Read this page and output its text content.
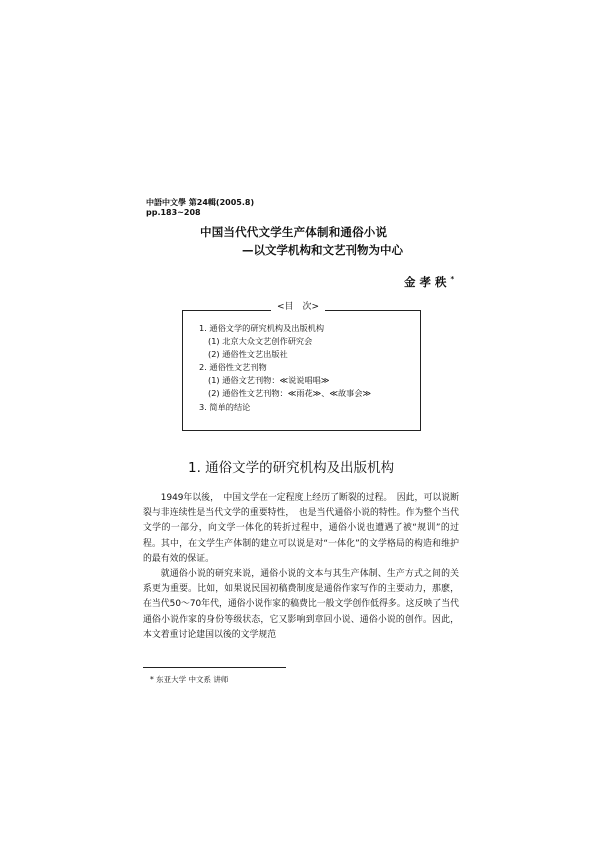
中語中文學 第24輯(2005.8)
pp.183~208
中国当代代文学生产体制和通俗小说
—以文学机构和文艺刊物为中心
金孝秩*
<目　次>
1. 通俗文学的研究机构及出版机构
(1) 北京大众文艺创作研究会
(2) 通俗性文艺出版社
2. 通俗性文艺刊物
(1) 通俗文艺刊物：≪说说唱唱≫
(2) 通俗性文艺刊物：≪雨花≫、≪故事会≫
3. 简单的结论
1. 通俗文学的研究机构及出版机构

1949年以後，　中国文学在一定程度上经历了断裂的过程。　因此，可以说断裂与非连续性是当代文学的重要特性，　也是当代通俗小说的特性。作为整个当代文学的一部分，向文学一体化的转折过程中，通俗小说也遭遇了被“规训”的过程。其中，在文学生产体制的建立可以说是对“一体化”的文学格局的构造和维护的最有效的保证。

就通俗小说的研究来说，通俗小说的文本与其生产体制、生产方式之间的关系更为重要。比如，如果说民国初稿费制度是通俗作家写作的主要动力，那麽，在当代50～70年代，通俗小说作家的稿费比一般文学创作低得多。这反映了当代通俗小说作家的身份等级状态，它又影响到章回小说、通俗小说的创作。因此，本文着重讨论建国以後的文学规范

* 东亚大学 中文系 讲师
